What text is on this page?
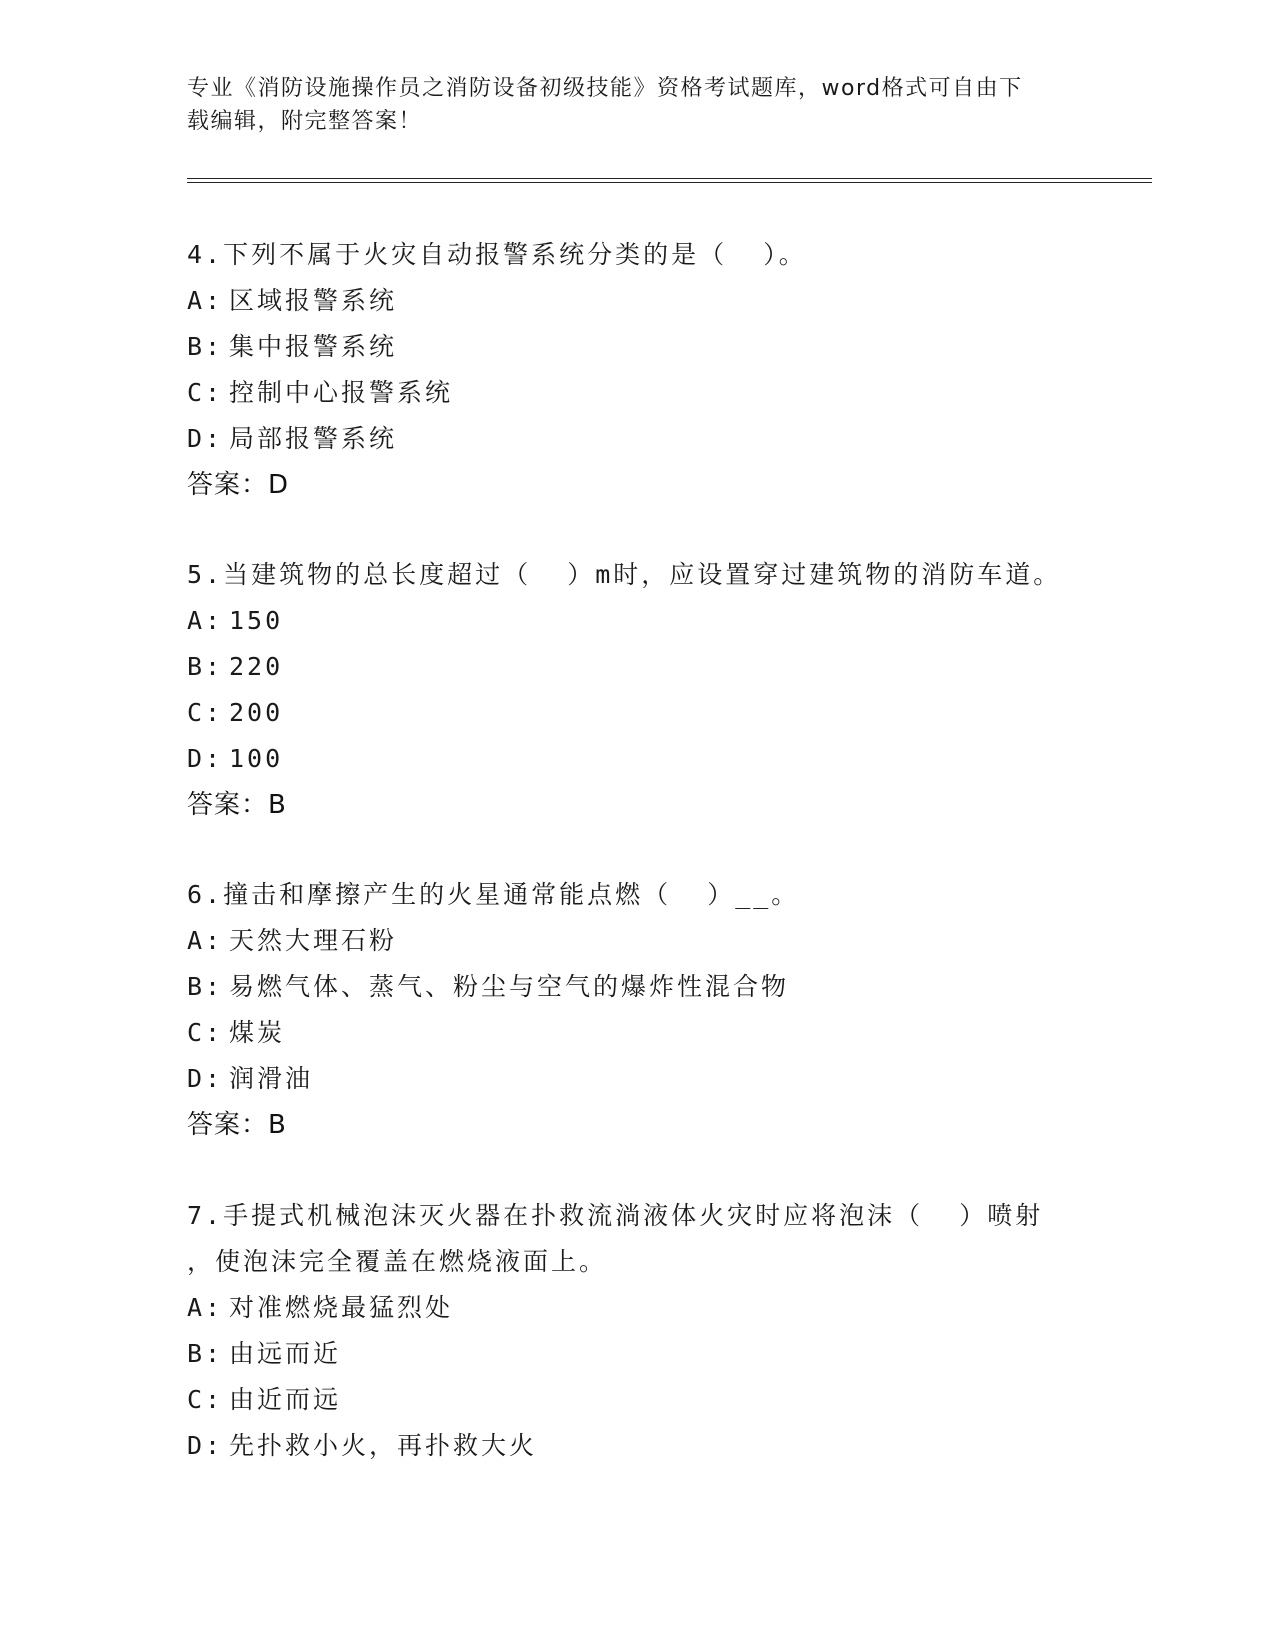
专业《消防设施操作员之消防设备初级技能》资格考试题库，word格式可自由下
载编辑，附完整答案！
4.下列不属于火灾自动报警系统分类的是（  ）。
A: 区域报警系统
B: 集中报警系统
C: 控制中心报警系统
D: 局部报警系统
答案：D
5.当建筑物的总长度超过（  ）m时，应设置穿过建筑物的消防车道。
A: 150
B: 220
C: 200
D: 100
答案：B
6.撞击和摩擦产生的火星通常能点燃（  ）__。
A: 天然大理石粉
B: 易燃气体、蒸气、粉尘与空气的爆炸性混合物
C: 煤炭
D: 润滑油
答案：B
7.手提式机械泡沫灭火器在扑救流淌液体火灾时应将泡沫（  ）喷射
，使泡沫完全覆盖在燃烧液面上。
A: 对准燃烧最猛烈处
B: 由远而近
C: 由近而远
D: 先扑救小火，再扑救大火
